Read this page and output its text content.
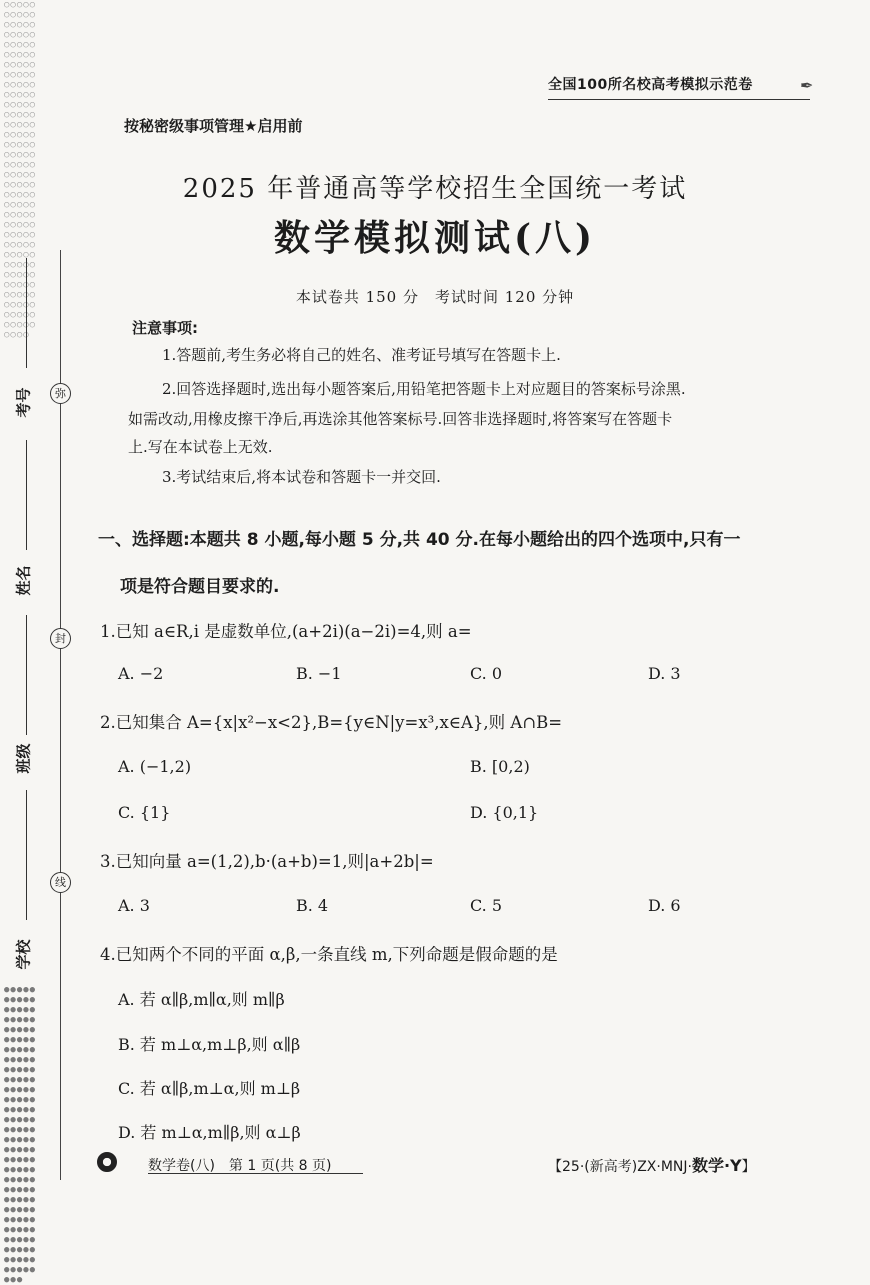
○○○○○○○○○○○○○○○○○○○○○○○○○○○○○○○○○○○○○○○○○○○○○○○○○○○○○○○○○○○○○○○○○○○○○○○○○○○○○○○○○○○○○○○○○○○○○○○○○○○○○○○○○○○○○○○○○○○○○○○○○○○○○○○○○○○○○○○○○○○○○○○○○○○○○○○○○○○○○○○○○○○○○○○○○
●●●●●●●●●●●●●●●●●●●●●●●●●●●●●●●●●●●●●●●●●●●●●●●●●●●●●●●●●●●●●●●●●●●●●●●●●●●●●●●●●●●●●●●●●●●●●●●●●●●●●●●●●●●●●●●●●●●●●●●●●●●●●●●●●●●●●●●●●●●●●●●●●●●●
考号
姓名
班级
学校
弥
封
线
全国100所名校高考模拟示范卷	✒
按秘密级事项管理★启用前
2025 年普通高等学校招生全国统一考试
数学模拟测试(八)
本试卷共 150 分　考试时间 120 分钟
注意事项:
1.答题前,考生务必将自己的姓名、准考证号填写在答题卡上.
2.回答选择题时,选出每小题答案后,用铅笔把答题卡上对应题目的答案标号涂黑.
如需改动,用橡皮擦干净后,再选涂其他答案标号.回答非选择题时,将答案写在答题卡
上.写在本试卷上无效.
3.考试结束后,将本试卷和答题卡一并交回.
一、选择题:本题共 8 小题,每小题 5 分,共 40 分.在每小题给出的四个选项中,只有一
项是符合题目要求的.
1.已知 a∈R,i 是虚数单位,(a+2i)(a−2i)=4,则 a=
A. −2	B. −1	C. 0	D. 3
2.已知集合 A={x|x²−x<2},B={y∈N|y=x³,x∈A},则 A∩B=
A. (−1,2)	B. [0,2)
C. {1}	D. {0,1}
3.已知向量 a=(1,2),b·(a+b)=1,则|a+2b|=
A. 3	B. 4	C. 5	D. 6
4.已知两个不同的平面 α,β,一条直线 m,下列命题是假命题的是
A. 若 α∥β,m∥α,则 m∥β
B. 若 m⊥α,m⊥β,则 α∥β
C. 若 α∥β,m⊥α,则 m⊥β
D. 若 m⊥α,m∥β,则 α⊥β
数学卷(八)　第 1 页(共 8 页)	【25·(新高考)ZX·MNJ·数学·Y】
